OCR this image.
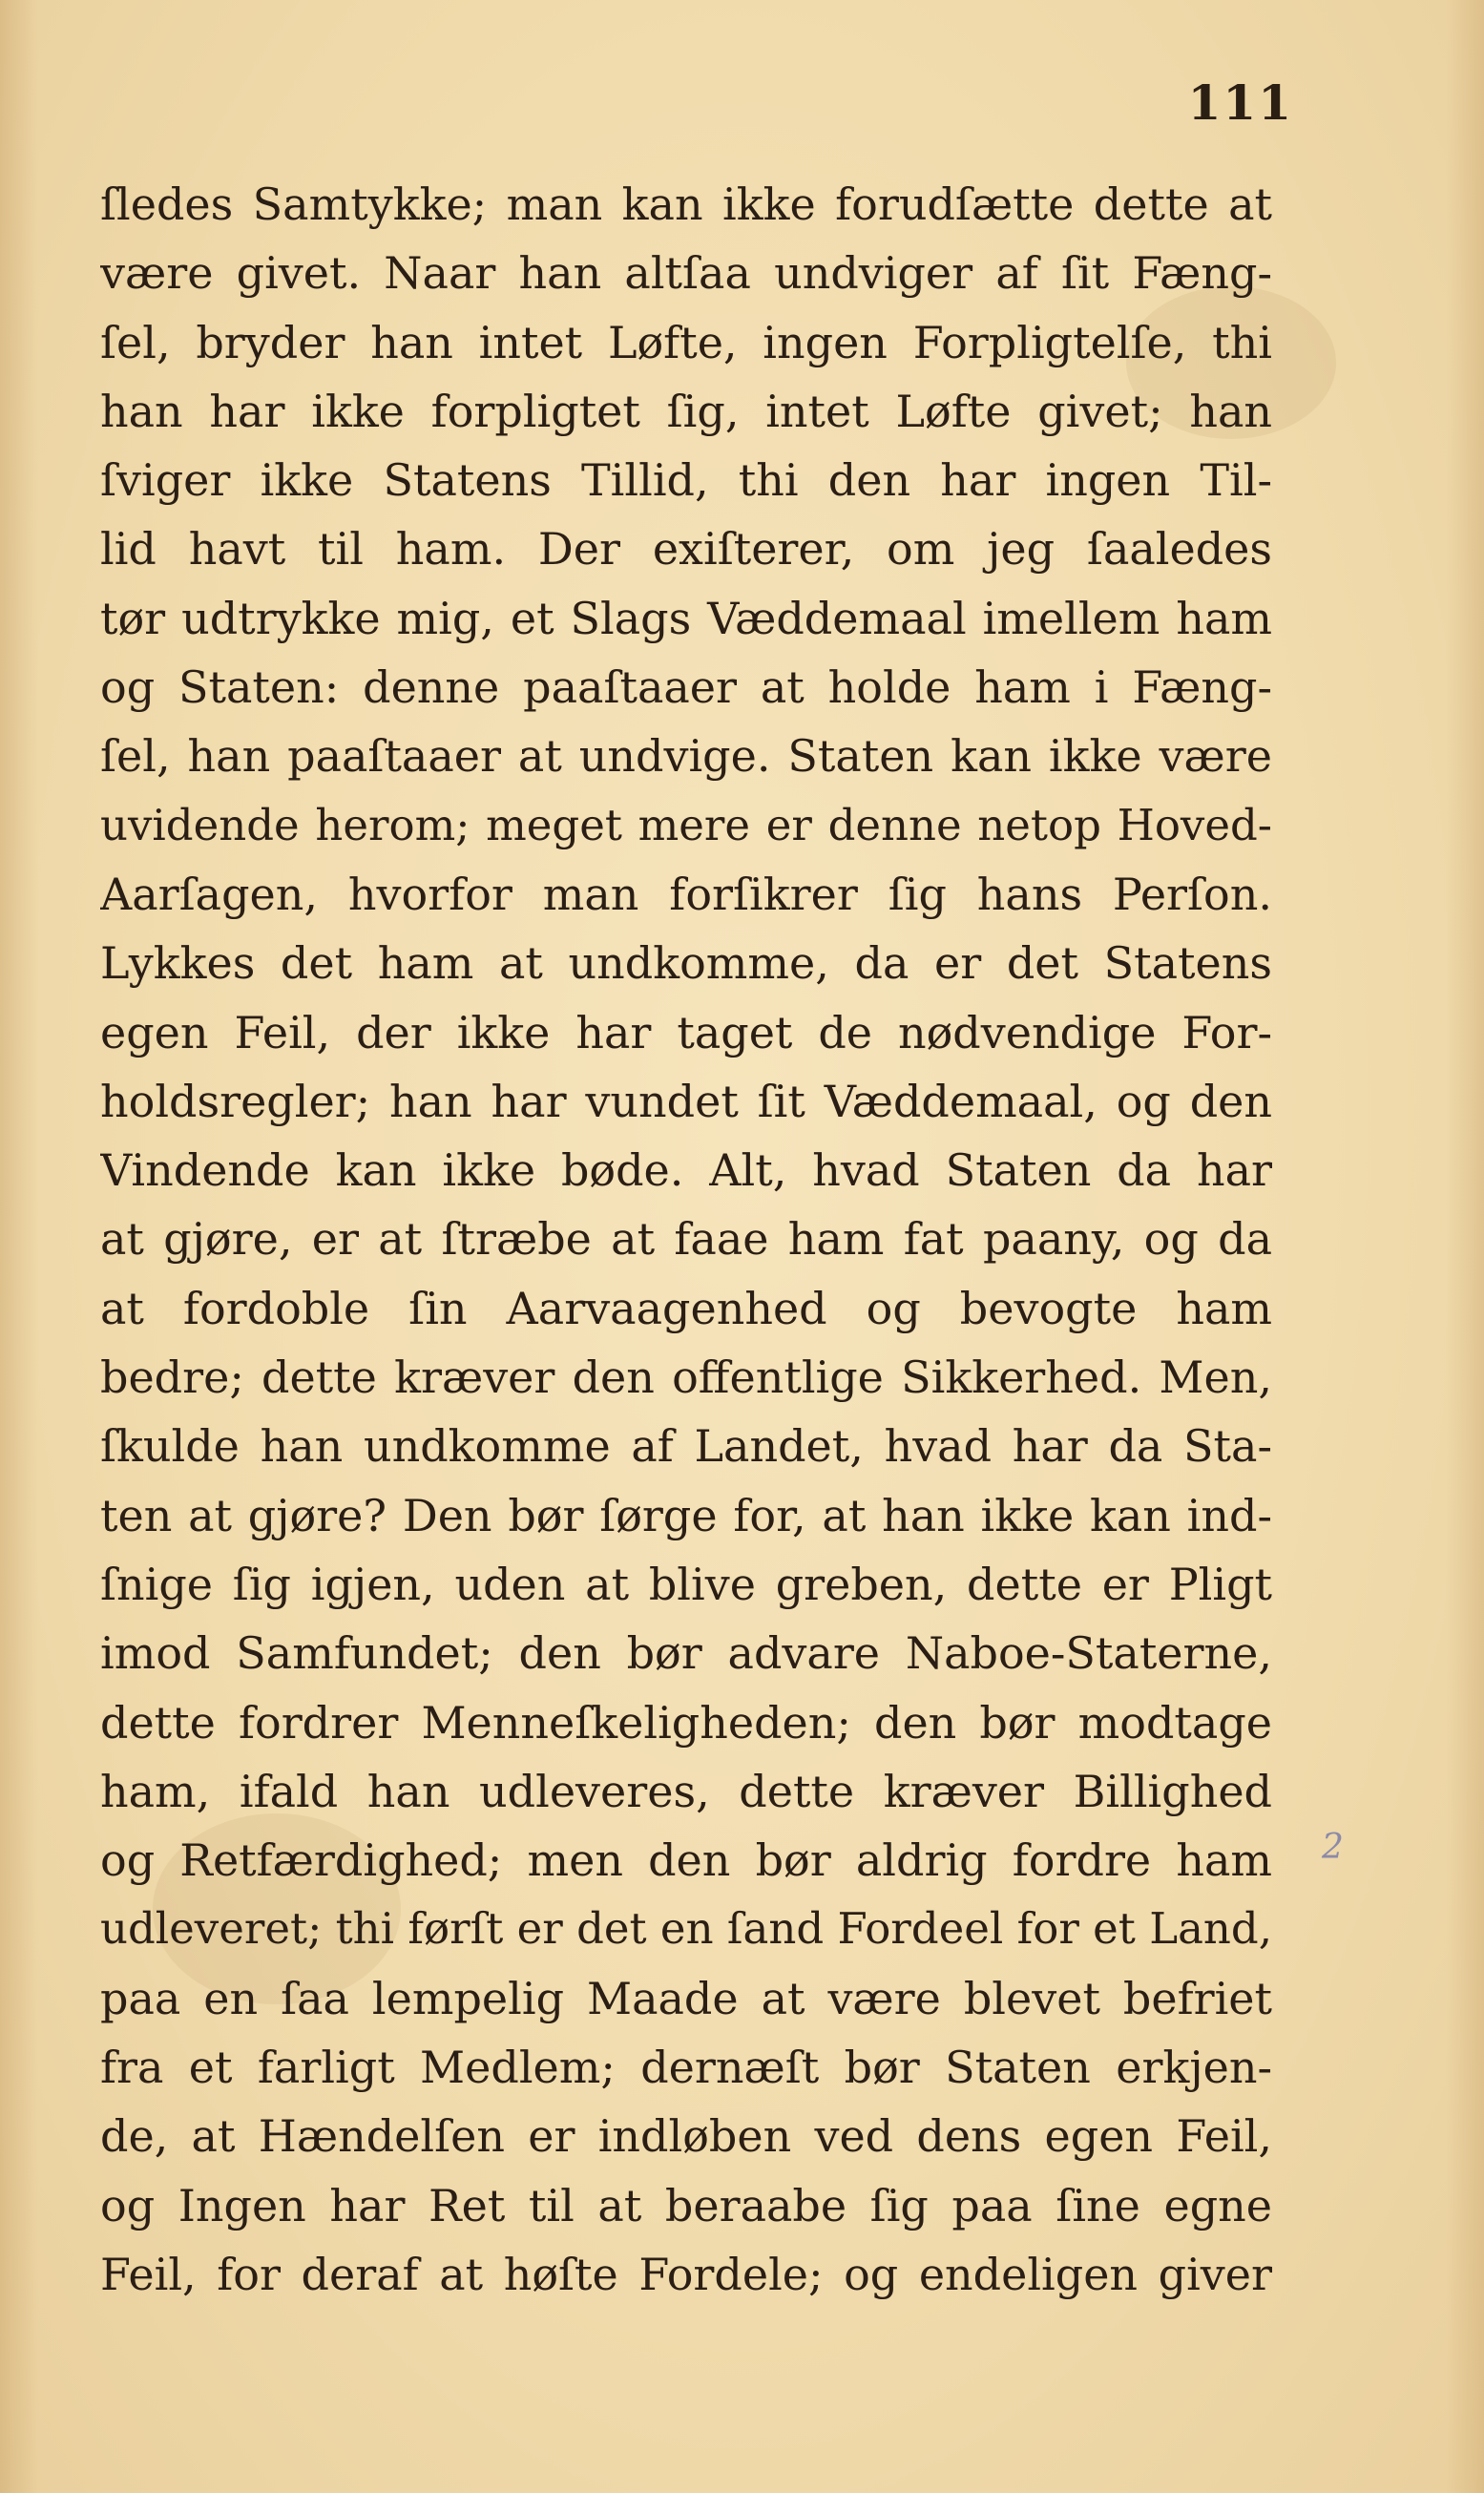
111
ſledes Samtykke; man kan ikke forudſætte dette at
være givet. Naar han altſaa undviger af ſit Fæng-
ſel, bryder han intet Løfte, ingen Forpligtelſe, thi
han har ikke forpligtet ſig, intet Løfte givet; han
ſviger ikke Statens Tillid, thi den har ingen Til-
lid havt til ham. Der exiſterer, om jeg ſaaledes
tør udtrykke mig, et Slags Væddemaal imellem ham
og Staten: denne paaſtaaer at holde ham i Fæng-
ſel, han paaſtaaer at undvige. Staten kan ikke være
uvidende herom; meget mere er denne netop Hoved-
Aarſagen, hvorfor man forſikrer ſig hans Perſon.
Lykkes det ham at undkomme, da er det Statens
egen Feil, der ikke har taget de nødvendige For-
holdsregler; han har vundet ſit Væddemaal, og den
Vindende kan ikke bøde. Alt, hvad Staten da har
at gjøre, er at ſtræbe at faae ham fat paany, og da
at fordoble ſin Aarvaagenhed og bevogte ham
bedre; dette kræver den offentlige Sikkerhed. Men,
ſkulde han undkomme af Landet, hvad har da Sta-
ten at gjøre? Den bør ſørge for, at han ikke kan ind-
ſnige ſig igjen, uden at blive greben, dette er Pligt
imod Samfundet; den bør advare Naboe-Staterne,
dette fordrer Menneſkeligheden; den bør modtage
ham, ifald han udleveres, dette kræver Billighed
og Retfærdighed; men den bør aldrig fordre ham
udleveret; thi førſt er det en ſand Fordeel for et Land,
paa en ſaa lempelig Maade at være blevet befriet
fra et farligt Medlem; dernæſt bør Staten erkjen-
de, at Hændelſen er indløben ved dens egen Feil,
og Ingen har Ret til at beraabe ſig paa ſine egne
Feil, for deraf at høſte Fordele; og endeligen giver
2
